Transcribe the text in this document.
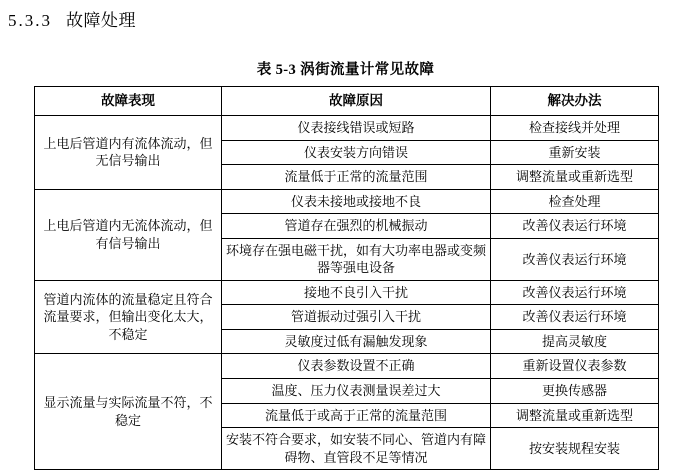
5.3.3 故障处理
表 5-3 涡街流量计常见故障
故障表现	故障原因	解决办法
上电后管道内有流体流动，但无信号输出	仪表接线错误或短路	检查接线并处理
	仪表安装方向错误	重新安装
	流量低于正常的流量范围	调整流量或重新选型
上电后管道内无流体流动，但有信号输出	仪表未接地或接地不良	检查处理
	管道存在强烈的机械振动	改善仪表运行环境
	环境存在强电磁干扰，如有大功率电器或变频器等强电设备	改善仪表运行环境
管道内流体的流量稳定且符合流量要求，但输出变化太大，不稳定	接地不良引入干扰	改善仪表运行环境
	管道振动过强引入干扰	改善仪表运行环境
	灵敏度过低有漏触发现象	提高灵敏度
显示流量与实际流量不符，不稳定	仪表参数设置不正确	重新设置仪表参数
	温度、压力仪表测量误差过大	更换传感器
	流量低于或高于正常的流量范围	调整流量或重新选型
	安装不符合要求，如安装不同心、管道内有障碍物、直管段不足等情况	按安装规程安装
